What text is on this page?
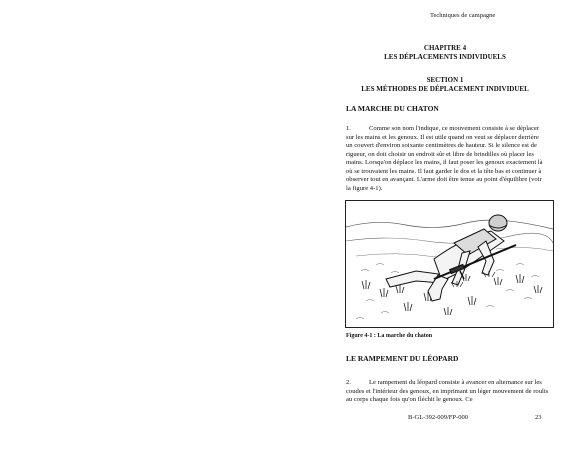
Techniques de campagne
CHAPITRE 4
LES DÉPLACEMENTS INDIVIDUELS
SECTION 1
LES MÉTHODES DE DÉPLACEMENT INDIVIDUEL
LA MARCHE DU CHATON
1.	Comme son nom l'indique, ce mouvement consiste à se déplacer sur les mains et les genoux. Il est utile quand on veut se déplacer derrière un couvert d'environ soixante centimètres de hauteur. Si le silence est de rigueur, on doit choisir un endroit sûr et libre de brindilles où placer les mains. Lorsqu'on déplace les mains, il faut poser les genoux exactement là où se trouvaient les mains. Il faut garder le dos et la tête bas et continuer à observer tout en avançant. L'arme doit être tenue au point d'équilibre (voir la figure 4-1).
Figure 4-1 : La marche du chaton
LE RAMPEMENT DU LÉOPARD
2.	Le rampement du léopard consiste à avancer en alternance sur les coudes et l'intérieur des genoux, en imprimant un léger mouvement de roulis au corps chaque fois qu'on fléchit le genoux. Ce
B-GL-392-009/FP-000	23
